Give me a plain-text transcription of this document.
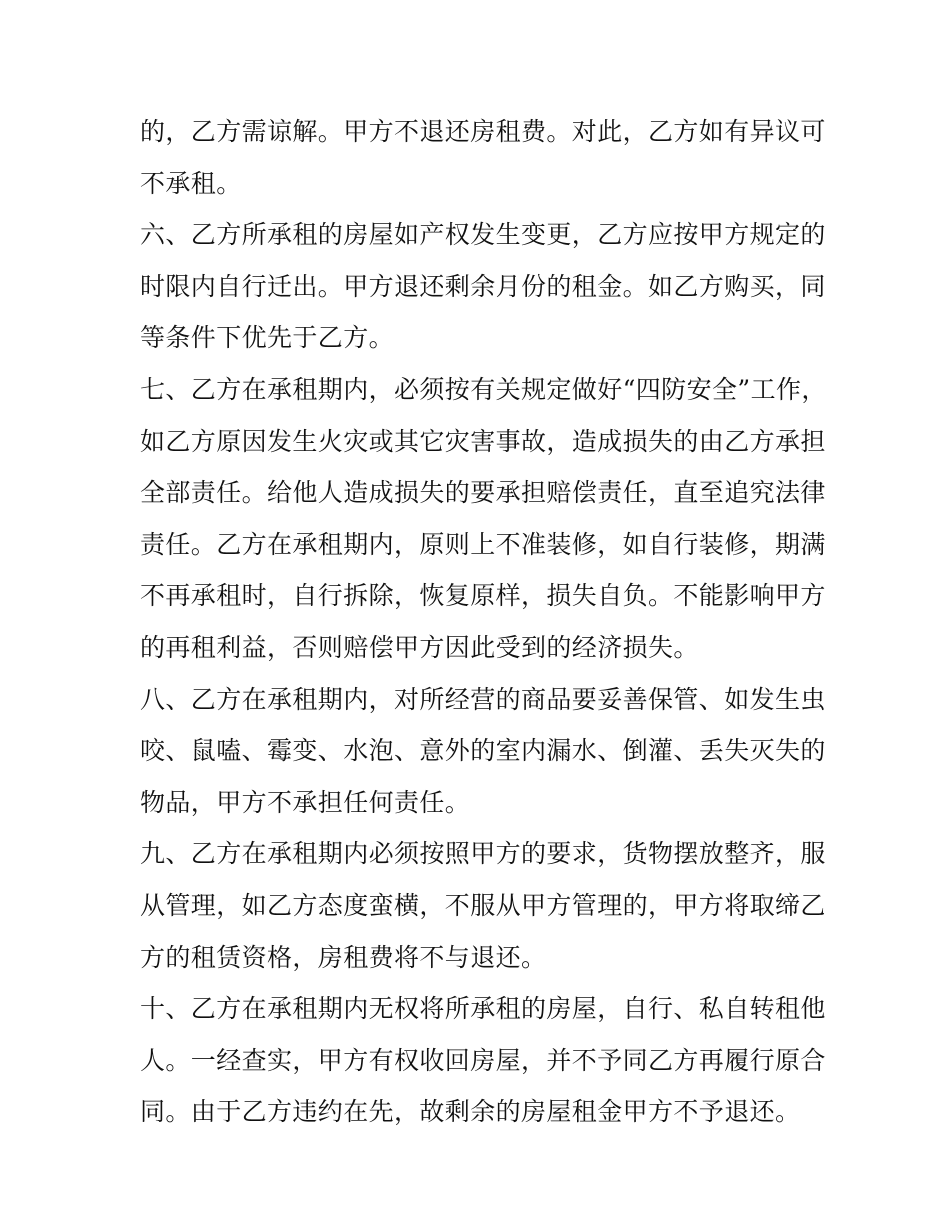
的，乙方需谅解。甲方不退还房租费。对此，乙方如有异议可
不承租。
六、乙方所承租的房屋如产权发生变更，乙方应按甲方规定的
时限内自行迁出。甲方退还剩余月份的租金。如乙方购买，同
等条件下优先于乙方。
七、乙方在承租期内，必须按有关规定做好“四防安全”工作，
如乙方原因发生火灾或其它灾害事故，造成损失的由乙方承担
全部责任。给他人造成损失的要承担赔偿责任，直至追究法律
责任。乙方在承租期内，原则上不准装修，如自行装修，期满
不再承租时，自行拆除，恢复原样，损失自负。不能影响甲方
的再租利益，否则赔偿甲方因此受到的经济损失。
八、乙方在承租期内，对所经营的商品要妥善保管、如发生虫
咬、鼠嗑、霉变、水泡、意外的室内漏水、倒灌、丢失灭失的
物品，甲方不承担任何责任。
九、乙方在承租期内必须按照甲方的要求，货物摆放整齐，服
从管理，如乙方态度蛮横，不服从甲方管理的，甲方将取缔乙
方的租赁资格，房租费将不与退还。
十、乙方在承租期内无权将所承租的房屋，自行、私自转租他
人。一经查实，甲方有权收回房屋，并不予同乙方再履行原合
同。由于乙方违约在先，故剩余的房屋租金甲方不予退还。
